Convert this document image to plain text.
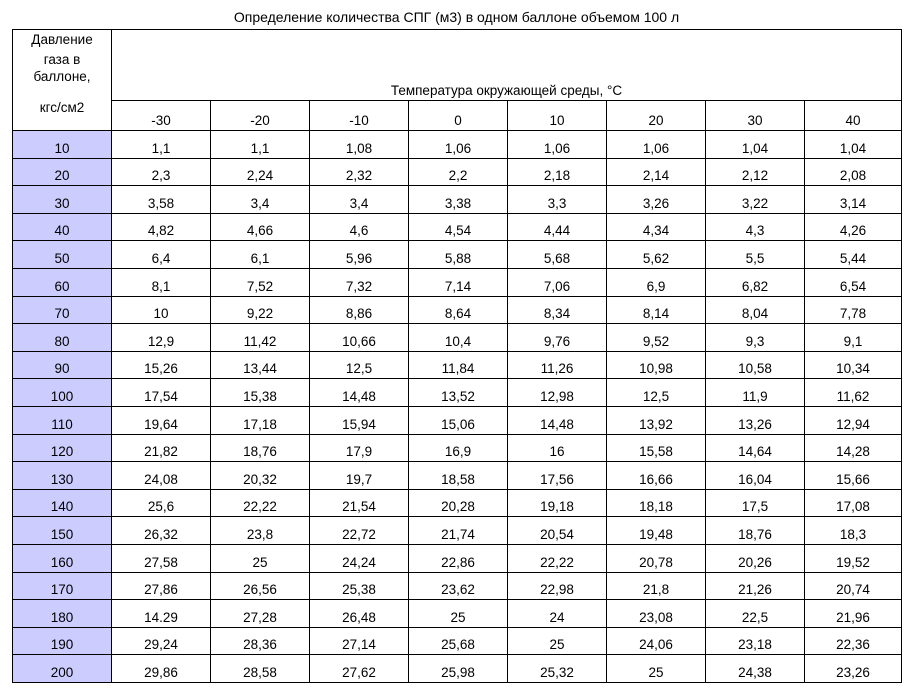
Определение количества СПГ (м3) в одном баллоне объемом 100 л
Давление
газа в
баллоне,
кгс/см2	Температура окружающей среды, °С							
	-30	-20	-10	0	10	20	30	40
10	1,1	1,1	1,08	1,06	1,06	1,06	1,04	1,04
20	2,3	2,24	2,32	2,2	2,18	2,14	2,12	2,08
30	3,58	3,4	3,4	3,38	3,3	3,26	3,22	3,14
40	4,82	4,66	4,6	4,54	4,44	4,34	4,3	4,26
50	6,4	6,1	5,96	5,88	5,68	5,62	5,5	5,44
60	8,1	7,52	7,32	7,14	7,06	6,9	6,82	6,54
70	10	9,22	8,86	8,64	8,34	8,14	8,04	7,78
80	12,9	11,42	10,66	10,4	9,76	9,52	9,3	9,1
90	15,26	13,44	12,5	11,84	11,26	10,98	10,58	10,34
100	17,54	15,38	14,48	13,52	12,98	12,5	11,9	11,62
110	19,64	17,18	15,94	15,06	14,48	13,92	13,26	12,94
120	21,82	18,76	17,9	16,9	16	15,58	14,64	14,28
130	24,08	20,32	19,7	18,58	17,56	16,66	16,04	15,66
140	25,6	22,22	21,54	20,28	19,18	18,18	17,5	17,08
150	26,32	23,8	22,72	21,74	20,54	19,48	18,76	18,3
160	27,58	25	24,24	22,86	22,22	20,78	20,26	19,52
170	27,86	26,56	25,38	23,62	22,98	21,8	21,26	20,74
180	14.29	27,28	26,48	25	24	23,08	22,5	21,96
190	29,24	28,36	27,14	25,68	25	24,06	23,18	22,36
200	29,86	28,58	27,62	25,98	25,32	25	24,38	23,26
